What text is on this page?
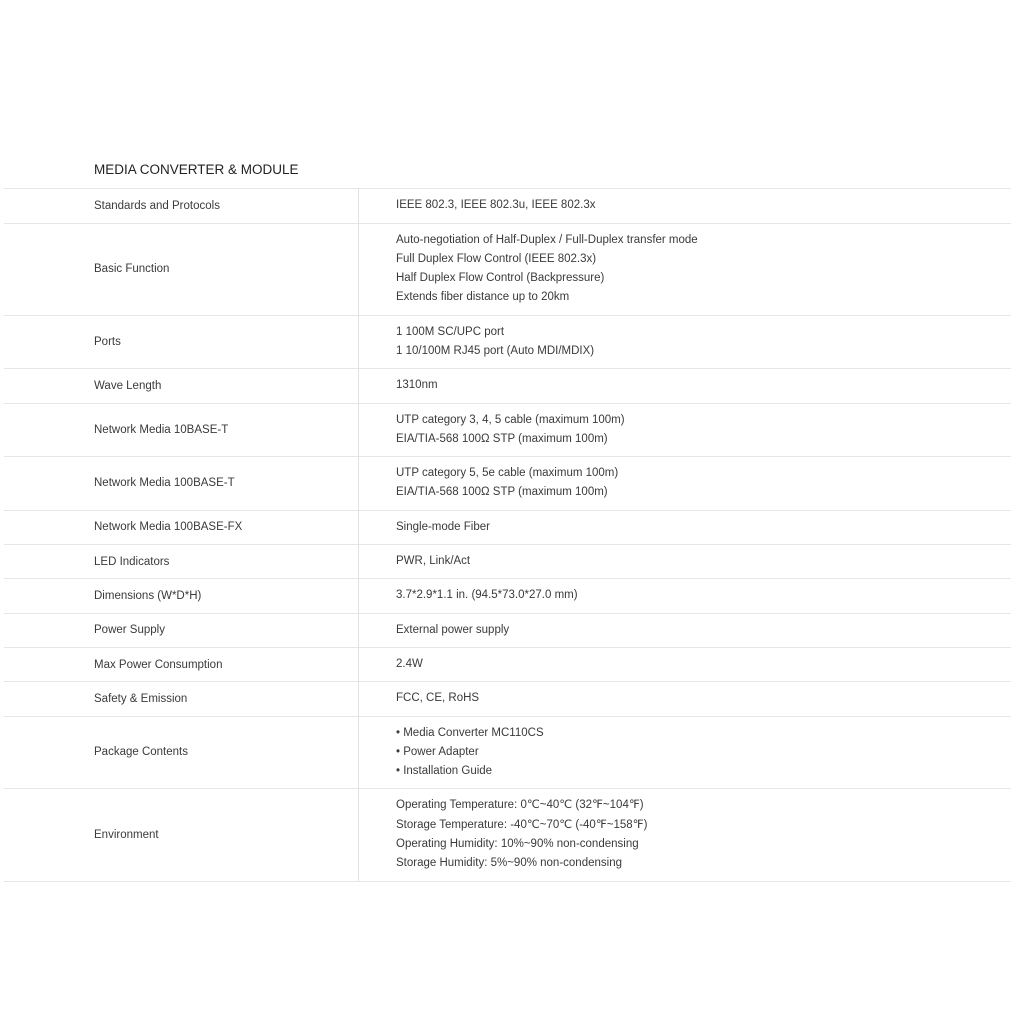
MEDIA CONVERTER & MODULE
Standards and Protocols	IEEE 802.3, IEEE 802.3u, IEEE 802.3x

Basic Function	Auto-negotiation of Half-Duplex / Full-Duplex transfer mode
Full Duplex Flow Control (IEEE 802.3x)
Half Duplex Flow Control (Backpressure)
Extends fiber distance up to 20km

Ports	1 100M SC/UPC port
1 10/100M RJ45 port (Auto MDI/MDIX)

Wave Length	1310nm

Network Media 10BASE-T	UTP category 3, 4, 5 cable (maximum 100m)
EIA/TIA-568 100Ω STP (maximum 100m)

Network Media 100BASE-T	UTP category 5, 5e cable (maximum 100m)
EIA/TIA-568 100Ω STP (maximum 100m)

Network Media 100BASE-FX	Single-mode Fiber

LED Indicators	PWR, Link/Act

Dimensions (W*D*H)	3.7*2.9*1.1 in. (94.5*73.0*27.0 mm)

Power Supply	External power supply

Max Power Consumption	2.4W

Safety & Emission	FCC, CE, RoHS

Package Contents	• Media Converter MC110CS
• Power Adapter
• Installation Guide

Environment	Operating Temperature: 0℃~40℃ (32℉~104℉)
Storage Temperature: -40℃~70℃ (-40℉~158℉)
Operating Humidity: 10%~90% non-condensing
Storage Humidity: 5%~90% non-condensing
